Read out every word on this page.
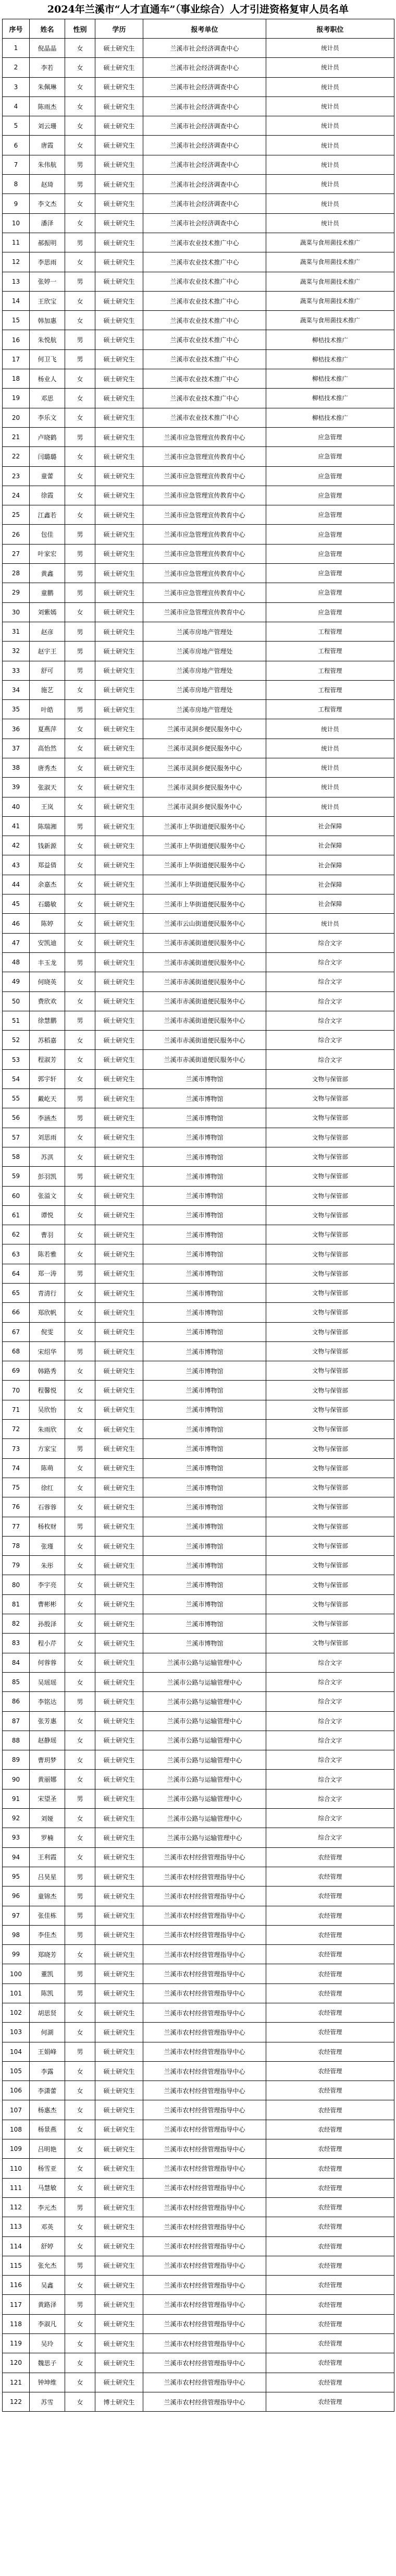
2024年兰溪市“人才直通车”（事业综合）人才引进资格复审人员名单
序号	姓名	性别	学历	报考单位	报考职位
1	倪晶晶	女	硕士研究生	兰溪市社会经济调查中心	统计员
2	李若	女	硕士研究生	兰溪市社会经济调查中心	统计员
3	朱佩琳	女	硕士研究生	兰溪市社会经济调查中心	统计员
4	陈雨杰	女	硕士研究生	兰溪市社会经济调查中心	统计员
5	刘云珊	女	硕士研究生	兰溪市社会经济调查中心	统计员
6	唐霞	女	硕士研究生	兰溪市社会经济调查中心	统计员
7	朱伟航	男	硕士研究生	兰溪市社会经济调查中心	统计员
8	赵琦	男	硕士研究生	兰溪市社会经济调查中心	统计员
9	李文杰	女	硕士研究生	兰溪市社会经济调查中心	统计员
10	潘泽	女	硕士研究生	兰溪市社会经济调查中心	统计员
11	郝振明	男	硕士研究生	兰溪市农业技术推广中心	蔬菜与食用菌技术推广
12	李思雨	女	硕士研究生	兰溪市农业技术推广中心	蔬菜与食用菌技术推广
13	张婷一	男	硕士研究生	兰溪市农业技术推广中心	蔬菜与食用菌技术推广
14	王欣宝	女	硕士研究生	兰溪市农业技术推广中心	蔬菜与食用菌技术推广
15	韩加惠	女	硕士研究生	兰溪市农业技术推广中心	蔬菜与食用菌技术推广
16	朱悦航	男	硕士研究生	兰溪市农业技术推广中心	柳桔技术推广
17	何卫飞	男	硕士研究生	兰溪市农业技术推广中心	柳桔技术推广
18	杨业人	女	硕士研究生	兰溪市农业技术推广中心	柳桔技术推广
19	邓思	女	硕士研究生	兰溪市农业技术推广中心	柳桔技术推广
20	李乐文	女	硕士研究生	兰溪市农业技术推广中心	柳桔技术推广
21	卢晓鹤	男	硕士研究生	兰溪市应急管理宣传教育中心	应急管理
22	闫璐璐	女	硕士研究生	兰溪市应急管理宣传教育中心	应急管理
23	童蕾	女	硕士研究生	兰溪市应急管理宣传教育中心	应急管理
24	徐霞	女	硕士研究生	兰溪市应急管理宣传教育中心	应急管理
25	江鑫若	女	硕士研究生	兰溪市应急管理宣传教育中心	应急管理
26	包佳	男	硕士研究生	兰溪市应急管理宣传教育中心	应急管理
27	叶家宏	男	硕士研究生	兰溪市应急管理宣传教育中心	应急管理
28	黄鑫	男	硕士研究生	兰溪市应急管理宣传教育中心	应急管理
29	童鹏	男	硕士研究生	兰溪市应急管理宣传教育中心	应急管理
30	刘紫嫣	女	硕士研究生	兰溪市应急管理宣传教育中心	应急管理
31	赵彦	男	硕士研究生	兰溪市房地产管理处	工程管理
32	赵宇王	男	硕士研究生	兰溪市房地产管理处	工程管理
33	舒可	男	硕士研究生	兰溪市房地产管理处	工程管理
34	施艺	女	硕士研究生	兰溪市房地产管理处	工程管理
35	叶皓	男	硕士研究生	兰溪市房地产管理处	工程管理
36	夏燕萍	女	硕士研究生	兰溪市灵洞乡便民服务中心	统计员
37	高怡然	女	硕士研究生	兰溪市灵洞乡便民服务中心	统计员
38	唐秀杰	女	硕士研究生	兰溪市灵洞乡便民服务中心	统计员
39	张淑天	女	硕士研究生	兰溪市灵洞乡便民服务中心	统计员
40	王岚	女	硕士研究生	兰溪市灵洞乡便民服务中心	统计员
41	陈瑞湘	男	硕士研究生	兰溪市上华街道便民服务中心	社会保障
42	钱新源	女	硕士研究生	兰溪市上华街道便民服务中心	社会保障
43	郑益倩	女	硕士研究生	兰溪市上华街道便民服务中心	社会保障
44	余嘉杰	女	硕士研究生	兰溪市上华街道便民服务中心	社会保障
45	石璐敏	女	硕士研究生	兰溪市上华街道便民服务中心	社会保障
46	陈婷	女	硕士研究生	兰溪市云山街道便民服务中心	统计员
47	安凯迪	女	硕士研究生	兰溪市赤溪街道便民服务中心	综合文字
48	丰玉龙	男	硕士研究生	兰溪市赤溪街道便民服务中心	综合文字
49	何晓英	女	硕士研究生	兰溪市赤溪街道便民服务中心	综合文字
50	费欣欢	女	硕士研究生	兰溪市赤溪街道便民服务中心	综合文字
51	徐慧鹏	男	硕士研究生	兰溪市赤溪街道便民服务中心	综合文字
52	苏稻嘉	女	硕士研究生	兰溪市赤溪街道便民服务中心	综合文字
53	程淑芳	女	硕士研究生	兰溪市赤溪街道便民服务中心	综合文字
54	郭宇轩	女	硕士研究生	兰溪市博物馆	文物与保管部
55	戴屹天	男	硕士研究生	兰溪市博物馆	文物与保管部
56	李涵杰	男	硕士研究生	兰溪市博物馆	文物与保管部
57	刘思雨	女	硕士研究生	兰溪市博物馆	文物与保管部
58	苏淇	女	硕士研究生	兰溪市博物馆	文物与保管部
59	彭羽凯	男	硕士研究生	兰溪市博物馆	文物与保管部
60	张溢文	女	硕士研究生	兰溪市博物馆	文物与保管部
61	谭悦	女	硕士研究生	兰溪市博物馆	文物与保管部
62	曹羽	女	硕士研究生	兰溪市博物馆	文物与保管部
63	陈若雅	女	硕士研究生	兰溪市博物馆	文物与保管部
64	郑一涛	男	硕士研究生	兰溪市博物馆	文物与保管部
65	青清行	女	硕士研究生	兰溪市博物馆	文物与保管部
66	郑欣帆	女	硕士研究生	兰溪市博物馆	文物与保管部
67	倪雯	女	硕士研究生	兰溪市博物馆	文物与保管部
68	宋绍华	男	硕士研究生	兰溪市博物馆	文物与保管部
69	韩路秀	女	硕士研究生	兰溪市博物馆	文物与保管部
70	程馨悦	女	硕士研究生	兰溪市博物馆	文物与保管部
71	吴欣怡	女	硕士研究生	兰溪市博物馆	文物与保管部
72	朱雨欣	女	硕士研究生	兰溪市博物馆	文物与保管部
73	方家宝	男	硕士研究生	兰溪市博物馆	文物与保管部
74	陈萌	女	硕士研究生	兰溪市博物馆	文物与保管部
75	徐红	女	硕士研究生	兰溪市博物馆	文物与保管部
76	石蓉蓉	女	硕士研究生	兰溪市博物馆	文物与保管部
77	杨枚财	男	硕士研究生	兰溪市博物馆	文物与保管部
78	张瑾	女	硕士研究生	兰溪市博物馆	文物与保管部
79	朱彤	女	硕士研究生	兰溪市博物馆	文物与保管部
80	李宇亮	女	硕士研究生	兰溪市博物馆	文物与保管部
81	曹彬彬	女	硕士研究生	兰溪市博物馆	文物与保管部
82	孙殷泽	女	硕士研究生	兰溪市博物馆	文物与保管部
83	程小芹	女	硕士研究生	兰溪市博物馆	文物与保管部
84	何蓉蓉	女	硕士研究生	兰溪市公路与运输管理中心	综合文字
85	吴瑶瑶	女	硕士研究生	兰溪市公路与运输管理中心	综合文字
86	李铭达	男	硕士研究生	兰溪市公路与运输管理中心	综合文字
87	张芳惠	女	硕士研究生	兰溪市公路与运输管理中心	综合文字
88	赵静瑶	女	硕士研究生	兰溪市公路与运输管理中心	综合文字
89	曹玥梦	女	硕士研究生	兰溪市公路与运输管理中心	综合文字
90	黄丽娜	女	硕士研究生	兰溪市公路与运输管理中心	综合文字
91	宋望圣	男	硕士研究生	兰溪市公路与运输管理中心	综合文字
92	刘娅	女	硕士研究生	兰溪市公路与运输管理中心	综合文字
93	罗楠	女	硕士研究生	兰溪市公路与运输管理中心	综合文字
94	王利霞	女	硕士研究生	兰溪市农村经营管理指导中心	农经管理
95	吕昊星	男	硕士研究生	兰溪市农村经营管理指导中心	农经管理
96	童锦杰	男	硕士研究生	兰溪市农村经营管理指导中心	农经管理
97	张佳栋	男	硕士研究生	兰溪市农村经营管理指导中心	农经管理
98	李佳杰	男	硕士研究生	兰溪市农村经营管理指导中心	农经管理
99	郑晓芳	女	硕士研究生	兰溪市农村经营管理指导中心	农经管理
100	董凯	男	硕士研究生	兰溪市农村经营管理指导中心	农经管理
101	陈凯	男	硕士研究生	兰溪市农村经营管理指导中心	农经管理
102	胡思贤	女	硕士研究生	兰溪市农村经营管理指导中心	农经管理
103	何湖	女	硕士研究生	兰溪市农村经营管理指导中心	农经管理
104	王娟峰	男	硕士研究生	兰溪市农村经营管理指导中心	农经管理
105	李露	女	硕士研究生	兰溪市农村经营管理指导中心	农经管理
106	李潇蕾	女	硕士研究生	兰溪市农村经营管理指导中心	农经管理
107	杨惠杰	女	硕士研究生	兰溪市农村经营管理指导中心	农经管理
108	杨景燕	女	硕士研究生	兰溪市农村经营管理指导中心	农经管理
109	吕明艳	女	硕士研究生	兰溪市农村经营管理指导中心	农经管理
110	杨雪亚	女	硕士研究生	兰溪市农村经营管理指导中心	农经管理
111	马慧敏	女	硕士研究生	兰溪市农村经营管理指导中心	农经管理
112	李元杰	男	硕士研究生	兰溪市农村经营管理指导中心	农经管理
113	邓英	女	硕士研究生	兰溪市农村经营管理指导中心	农经管理
114	舒婷	女	硕士研究生	兰溪市农村经营管理指导中心	农经管理
115	张允杰	男	硕士研究生	兰溪市农村经营管理指导中心	农经管理
116	吴鑫	女	硕士研究生	兰溪市农村经营管理指导中心	农经管理
117	黄路泽	男	硕士研究生	兰溪市农村经营管理指导中心	农经管理
118	李淑凡	女	硕士研究生	兰溪市农村经营管理指导中心	农经管理
119	吴玲	女	硕士研究生	兰溪市农村经营管理指导中心	农经管理
120	魏思子	女	硕士研究生	兰溪市农村经营管理指导中心	农经管理
121	钟坤维	女	硕士研究生	兰溪市农村经营管理指导中心	农经管理
122	苏雪	女	博士研究生	兰溪市农村经营管理指导中心	农经管理
